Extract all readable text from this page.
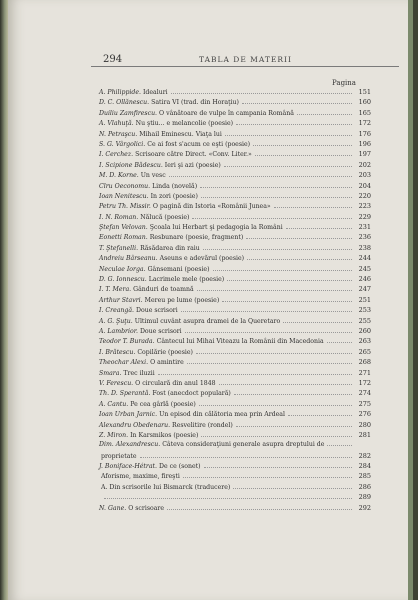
294	TABLA DE MATERII
Pagina
A. Philippide. Idealuri	151
D. C. Ollănescu. Satira VI (trad. din Horaţiu)	160
Duiliu Zamfirescu. O vânătoare de vulpe în campania Română	165
A. Vlahuţă. Nu ştiu... e melancolie (poesie)	172
N. Petraşcu. Mihail Eminescu. Viaţa lui	176
S. G. Vârgolici. Ce ai fost s'acum ce eşti (poesie)	196
I. Cerchez. Scrisoare către Direct. «Conv. Liter.»	197
I. Scipione Bădescu. Ieri şi azi (poesie)	202
M. D. Korne. Un vesc	203
Clru Oeconomu. Linda (novelă)	204
Ioan Nenitescu. In zori (poesie)	220
Petru Th. Missir. O pagină din Istoria «Românii Junea»	223
I. N. Roman. Nălucă (poesie)	229
Ştefan Velovan. Şcoala lui Herbart şi pedagogia la Români	231
Eonetti Roman. Resbunare (poesie, fragment)	236
T. Ştefanelli. Răsădarea din raiu	238
Andreiu Bârseanu. Aseuns e adevărul (poesie)	244
Neculae Iorga. Gânsemani (poesie)	245
D. G. Ionnescu. Lacrimele mele (poesie)	246
I. T. Mera. Gânduri de toamnă	247
Arthur Stavri. Mereu pe lume (poesie)	251
I. Creangă. Doue scrisori	253
A. G. Şuţu. Ultimul cuvânt asupra dramei de la Queretaro	255
A. Lambrior. Doue scrisori	260
Teodor T. Burada. Cântecul lui Mihai Viteazu la Românii din Macedonia	263
I. Brătescu. Copilărie (poesie)	265
Theochar Alexi. O amintire	268
Smara. Trec iluzii	271
V. Ferescu. O circulară din anul 1848	172
Th. D. Sperantă. Fost (anecdoct populară)	274
A. Cantu. Pe cea gârlă (poesie)	275
Ioan Urban Jarnic. Un episod din călătoria mea prin Ardeal	276
Alexandru Obedenaru. Resvelitire (rondel)	280
Z. Miron. In Karsmikos (poesie)	281
Dim. Alexandrescu. Câteva consideraţiuni generale asupra dreptului de
proprietate	282
J. Boniface-Hétrat. De ce (sonet)	284
Aforisme, maxime, fireşti	285
A. Din scrisorile lui Bismarck (traducere)	286
289
N. Gane. O scrisoare	292
